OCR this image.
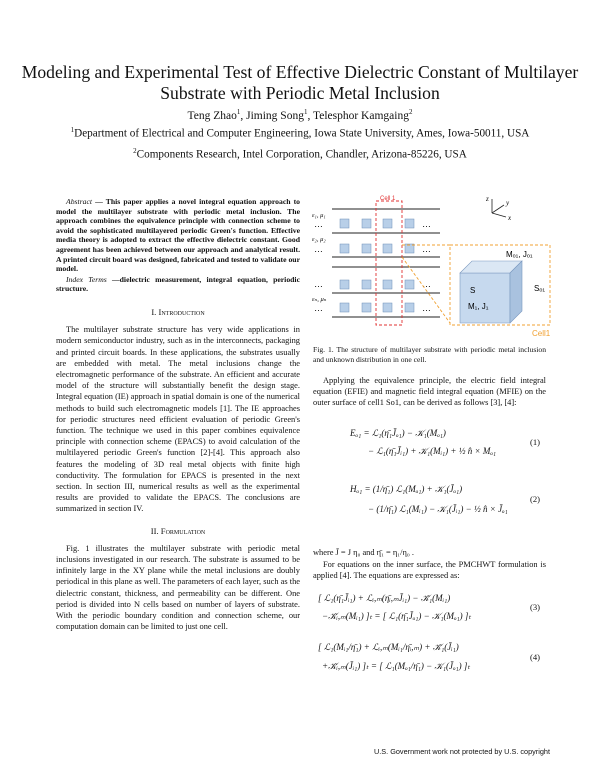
Modeling and Experimental Test of Effective Dielectric Constant of Multilayer Substrate with Periodic Metal Inclusion
Teng Zhao$^1$, Jiming Song$^1$, Telesphor Kamgaing$^2$
$^1$Department of Electrical and Computer Engineering, Iowa State University, Ames, Iowa-50011, USA
$^2$Components Research, Intel Corporation, Chandler, Arizona-85226, USA
Abstract — This paper applies a novel integral equation approach to model the multilayer substrate with periodic metal inclusion. The approach combines the equivalence principle with connection scheme to avoid the sophisticated multilayered periodic Green's function. Effective media theory is adopted to extract the effective dielectric constant. Good agreement has been achieved between our approach and analytical result. A printed circuit board was designed, fabricated and tested to validate our model.
Index Terms —dielectric measurement, integral equation, periodic structure.
I. Introduction

The multilayer substrate structure has very wide applications in modern semiconductor industry, such as in the interconnects, packaging and printed circuit boards. In these applications, the substrates usually are embedded with metal. The metal inclusions change the electromagnetic performance of the substrate. An efficient and accurate model of the structure will substantially benefit the design stage. Integral equation (IE) approach in spatial domain is one of the numerical methods to build such electromagnetic models [1]. The IE approaches for periodic structures need efficient evaluation of periodic Green's function. The technique we used in this paper combines equivalence principle with connection scheme (EPACS) to avoid calculation of the multilayered periodic Green's function [2]-[4]. This approach also features the modeling of 3D real metal objects with finite high conductivity. The formulation for EPACS is presented in the next section. In section III, numerical results as well as the experimental results are provided to validate the EPACS. The conclusions are summarized in section IV.

II. Formulation

Fig. 1 illustrates the multilayer substrate with periodic metal inclusions investigated in our research. The substrate is assumed to be infinitely large in the XY plane while the metal inclusions are doubly periodical in this plane as well. The parameters of each layer, such as the dielectric constant, thickness, and permeability can be different. One period is divided into N cells based on number of layers of substrate. With the periodic boundary condition and connection scheme, our computation domain can be limited to just one cell.

Cell 1
…
…
…
…
…
…
…
…
ε₁, μ₁
ε₂, μ₂
εₙ, μₙ
z y
x
S
M₁, J₁
Mₒ₁, Jₒ₁
Sₒ₁
Cell1
Fig. 1. The structure of multilayer substrate with periodic metal inclusion and unknown distribution in one cell.

Applying the equivalence principle, the electric field integral equation (EFIE) and magnetic field integral equation (MFIE) on the outer surface of cell1 So1, can be derived as follows [3], [4]:

Eₒ₁ = ℒ₁(η̄₁J̄ₒ₁) − 𝒦₁(Mₒ₁)
− ℒ₁(η̄₁J̄ᵢ₁) + 𝒦₁(Mᵢ₁) + ½ n̂ × Mₒ₁
(1)
Hₒ₁ = (1/η̄₁) ℒ₁(Mₒ₁) + 𝒦₁(J̄ₒ₁)
− (1/η̄₁) ℒ₁(Mᵢ₁) − 𝒦₁(J̄ᵢ₁) − ½ n̂ × J̄ₒ₁
(2)
where J̄ = J η₀ and η̄₁ = η₁/η₀ .

For equations on the inner surface, the PMCHWT formulation is applied [4]. The equations are expressed as:

[ ℒ₁(η̄₁J̄ᵢ₁) + ℒᵢ,ₘ(η̄ᵢ,ₘJ̄ᵢ₁) − 𝒦̃₁(Mᵢ₁)
−𝒦̃ᵢ,ₘ(Mᵢ₁) ]ₜ = [ ℒ₁(η̄₁J̄ₒ₁) − 𝒦₁(Mₒ₁) ]ₜ
(3)
[ ℒ₁(Mᵢ₁/η̄₁) + ℒᵢ,ₘ(Mᵢ₁/η̄ᵢ,ₘ) + 𝒦̃₁(J̄ᵢ₁)
+𝒦̃ᵢ,ₘ(J̄ᵢ₁) ]ₜ = [ ℒ₁(Mₒ₁/η̄₁) − 𝒦₁(J̄ₒ₁) ]ₜ
(4)
U.S. Government work not protected by U.S. copyright
